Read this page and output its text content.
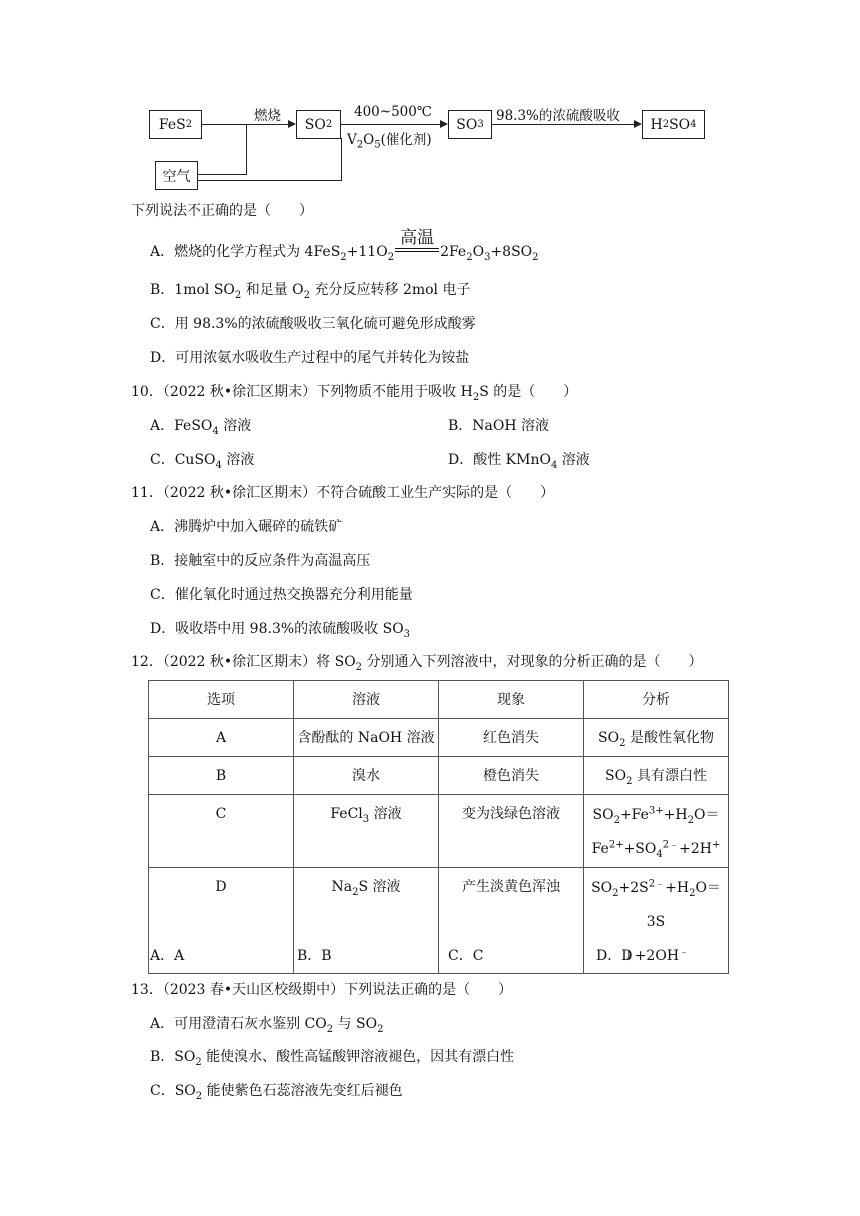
FeS 2
空气
SO 2	SO 3	H 2 SO 4
燃烧	400~500℃
$V_2O_5$(催化剂)
98.3%的浓硫酸吸收
下列说法不正确的是（　　）
A．燃烧的化学方程式为 $4FeS_2+11O_2$
高温
$2Fe_2O_3+8SO_2$
B．1mol $SO_2$ 和足量 $O_2$ 充分反应转移 2mol 电子
C．用 98.3%的浓硫酸吸收三氧化硫可避免形成酸雾
D．可用浓氨水吸收生产过程中的尾气并转化为铵盐
10．（2022 秋•徐汇区期末）下列物质不能用于吸收 $H_2S$ 的是（　　）
A．FeSO$_4$ 溶液	B．NaOH 溶液
C．CuSO$_4$ 溶液	D．酸性 KMnO$_4$ 溶液
11．（2022 秋•徐汇区期末）不符合硫酸工业生产实际的是（　　）
A．沸腾炉中加入碾碎的硫铁矿
B．接触室中的反应条件为高温高压
C．催化氧化时通过热交换器充分利用能量
D．吸收塔中用 98.3%的浓硫酸吸收 $SO_3$
12．（2022 秋•徐汇区期末）将 $SO_2$ 分别通入下列溶液中，对现象的分析正确的是（　　）
选项	溶液	现象	分析

A	含酚酞的 NaOH 溶液	红色消失	$SO_2$ 是酸性氧化物

B	溴水	橙色消失	$SO_2$ 具有漂白性

C	FeCl$_3$ 溶液	变为浅绿色溶液	$SO_2+Fe^{3+}+H_2O=$
$Fe^{2+}+SO_4^{2﹣}+2H^+$

D	$Na_2S$ 溶液	产生淡黄色浑浊	$SO_2+2S^{2﹣}+H_2O=3S$
↓+2OH﹣
A．A	B．B	C．C	D．D
13．（2023 春•天山区校级期中）下列说法正确的是（　　）
A．可用澄清石灰水鉴别 $CO_2$ 与 $SO_2$
B．$SO_2$ 能使溴水、酸性高锰酸钾溶液褪色，因其有漂白性
C．$SO_2$ 能使紫色石蕊溶液先变红后褪色
